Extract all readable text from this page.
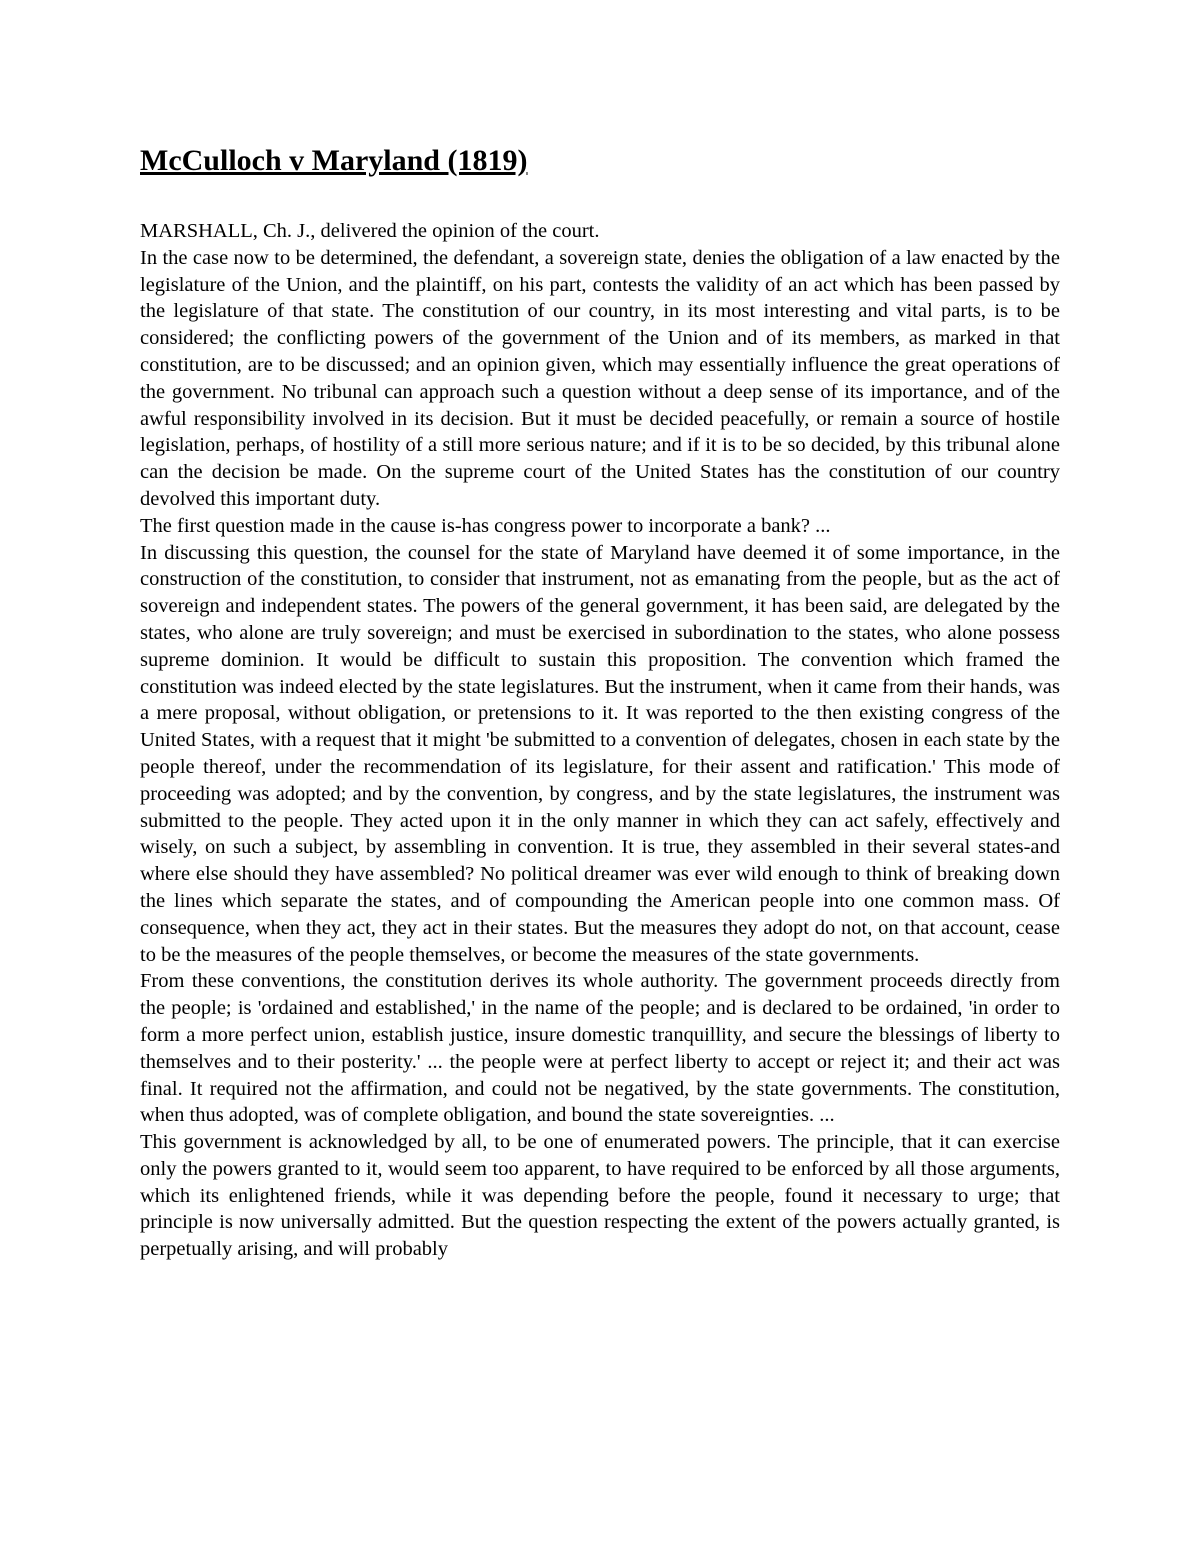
McCulloch v Maryland (1819)

MARSHALL, Ch. J., delivered the opinion of the court.

In the case now to be determined, the defendant, a sovereign state, denies the obligation of a law enacted by the legislature of the Union, and the plaintiff, on his part, contests the validity of an act which has been passed by the legislature of that state. The constitution of our country, in its most interesting and vital parts, is to be considered; the conflicting powers of the government of the Union and of its members, as marked in that constitution, are to be discussed; and an opinion given, which may essentially influence the great operations of the government. No tribunal can approach such a question without a deep sense of its importance, and of the awful responsibility involved in its decision. But it must be decided peacefully, or remain a source of hostile legislation, perhaps, of hostility of a still more serious nature; and if it is to be so decided, by this tribunal alone can the decision be made. On the supreme court of the United States has the constitution of our country devolved this important duty.

The first question made in the cause is-has congress power to incorporate a bank? ...

In discussing this question, the counsel for the state of Maryland have deemed it of some importance, in the construction of the constitution, to consider that instrument, not as emanating from the people, but as the act of sovereign and independent states. The powers of the general government, it has been said, are delegated by the states, who alone are truly sovereign; and must be exercised in subordination to the states, who alone possess supreme dominion. It would be difficult to sustain this proposition. The convention which framed the constitution was indeed elected by the state legislatures. But the instrument, when it came from their hands, was a mere proposal, without obligation, or pretensions to it. It was reported to the then existing congress of the United States, with a request that it might 'be submitted to a convention of delegates, chosen in each state by the people thereof, under the recommendation of its legislature, for their assent and ratification.' This mode of proceeding was adopted; and by the convention, by congress, and by the state legislatures, the instrument was submitted to the people. They acted upon it in the only manner in which they can act safely, effectively and wisely, on such a subject, by assembling in convention. It is true, they assembled in their several states-and where else should they have assembled? No political dreamer was ever wild enough to think of breaking down the lines which separate the states, and of compounding the American people into one common mass. Of consequence, when they act, they act in their states. But the measures they adopt do not, on that account, cease to be the measures of the people themselves, or become the measures of the state governments.

From these conventions, the constitution derives its whole authority. The government proceeds directly from the people; is 'ordained and established,' in the name of the people; and is declared to be ordained, 'in order to form a more perfect union, establish justice, insure domestic tranquillity, and secure the blessings of liberty to themselves and to their posterity.' ... the people were at perfect liberty to accept or reject it; and their act was final. It required not the affirmation, and could not be negatived, by the state governments. The constitution, when thus adopted, was of complete obligation, and bound the state sovereignties. ...

This government is acknowledged by all, to be one of enumerated powers. The principle, that it can exercise only the powers granted to it, would seem too apparent, to have required to be enforced by all those arguments, which its enlightened friends, while it was depending before the people, found it necessary to urge; that principle is now universally admitted. But the question respecting the extent of the powers actually granted, is perpetually arising, and will probably
